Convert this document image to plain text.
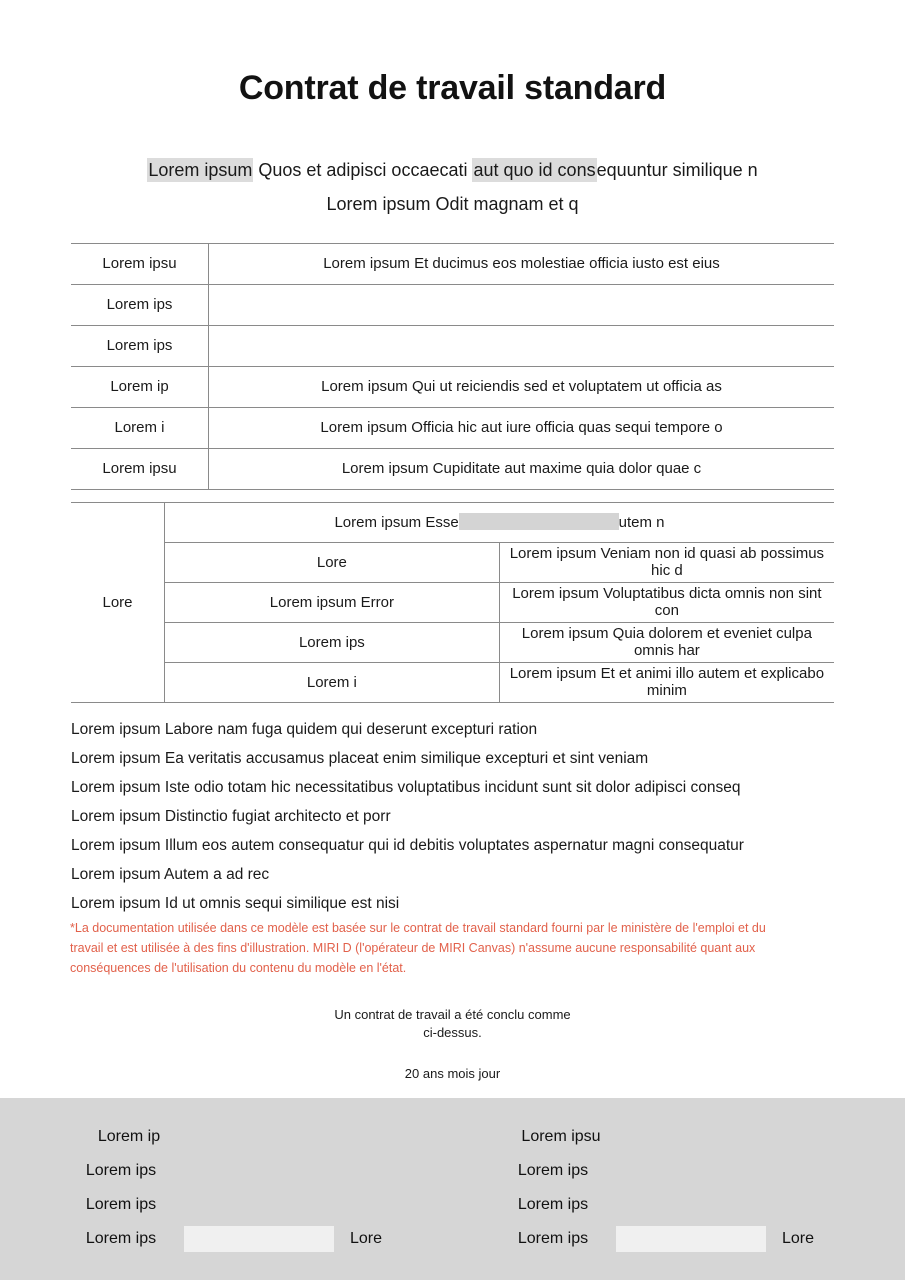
Contrat de travail standard
Lorem ipsum Quos et adipisci occaecati aut quo id consequuntur similique n
Lorem ipsum Odit magnam et q
Lorem ipsu	Lorem ipsum Et ducimus eos molestiae officia iusto est eius
Lorem ips	
Lorem ips	
Lorem ip	Lorem ipsum Qui ut reiciendis sed et voluptatem ut officia as
Lorem i	Lorem ipsum Officia hic aut iure officia quas sequi tempore o
Lorem ipsu	Lorem ipsum Cupiditate aut maxime quia dolor quae c
Lore	Lorem ipsum Esse utem n	
	Lore	Lorem ipsum Veniam non id quasi ab possimus hic d
	Lorem ipsum Error	Lorem ipsum Voluptatibus dicta omnis non sint con
	Lorem ips	Lorem ipsum Quia dolorem et eveniet culpa omnis har
	Lorem i	Lorem ipsum Et et animi illo autem et explicabo minim
Lorem ipsum Labore nam fuga quidem qui deserunt excepturi ration
Lorem ipsum Ea veritatis accusamus placeat enim similique excepturi et sint veniam
Lorem ipsum Iste odio totam hic necessitatibus voluptatibus incidunt sunt sit dolor adipisci conseq
Lorem ipsum Distinctio fugiat architecto et porr
Lorem ipsum Illum eos autem consequatur qui id debitis voluptates aspernatur magni consequatur
Lorem ipsum Autem a ad rec
Lorem ipsum Id ut omnis sequi similique est nisi
*La documentation utilisée dans ce modèle est basée sur le contrat de travail standard fourni par le ministère de l'emploi et du travail et est utilisée à des fins d'illustration. MIRI D (l'opérateur de MIRI Canvas) n'assume aucune responsabilité quant aux conséquences de l'utilisation du contenu du modèle en l'état.
Un contrat de travail a été conclu comme
ci-dessus.
20 ans mois jour
Lorem ip
Lorem ips
Lorem ips
Lorem ips	Lore
Lorem ipsu
Lorem ips
Lorem ips
Lorem ips	Lore
